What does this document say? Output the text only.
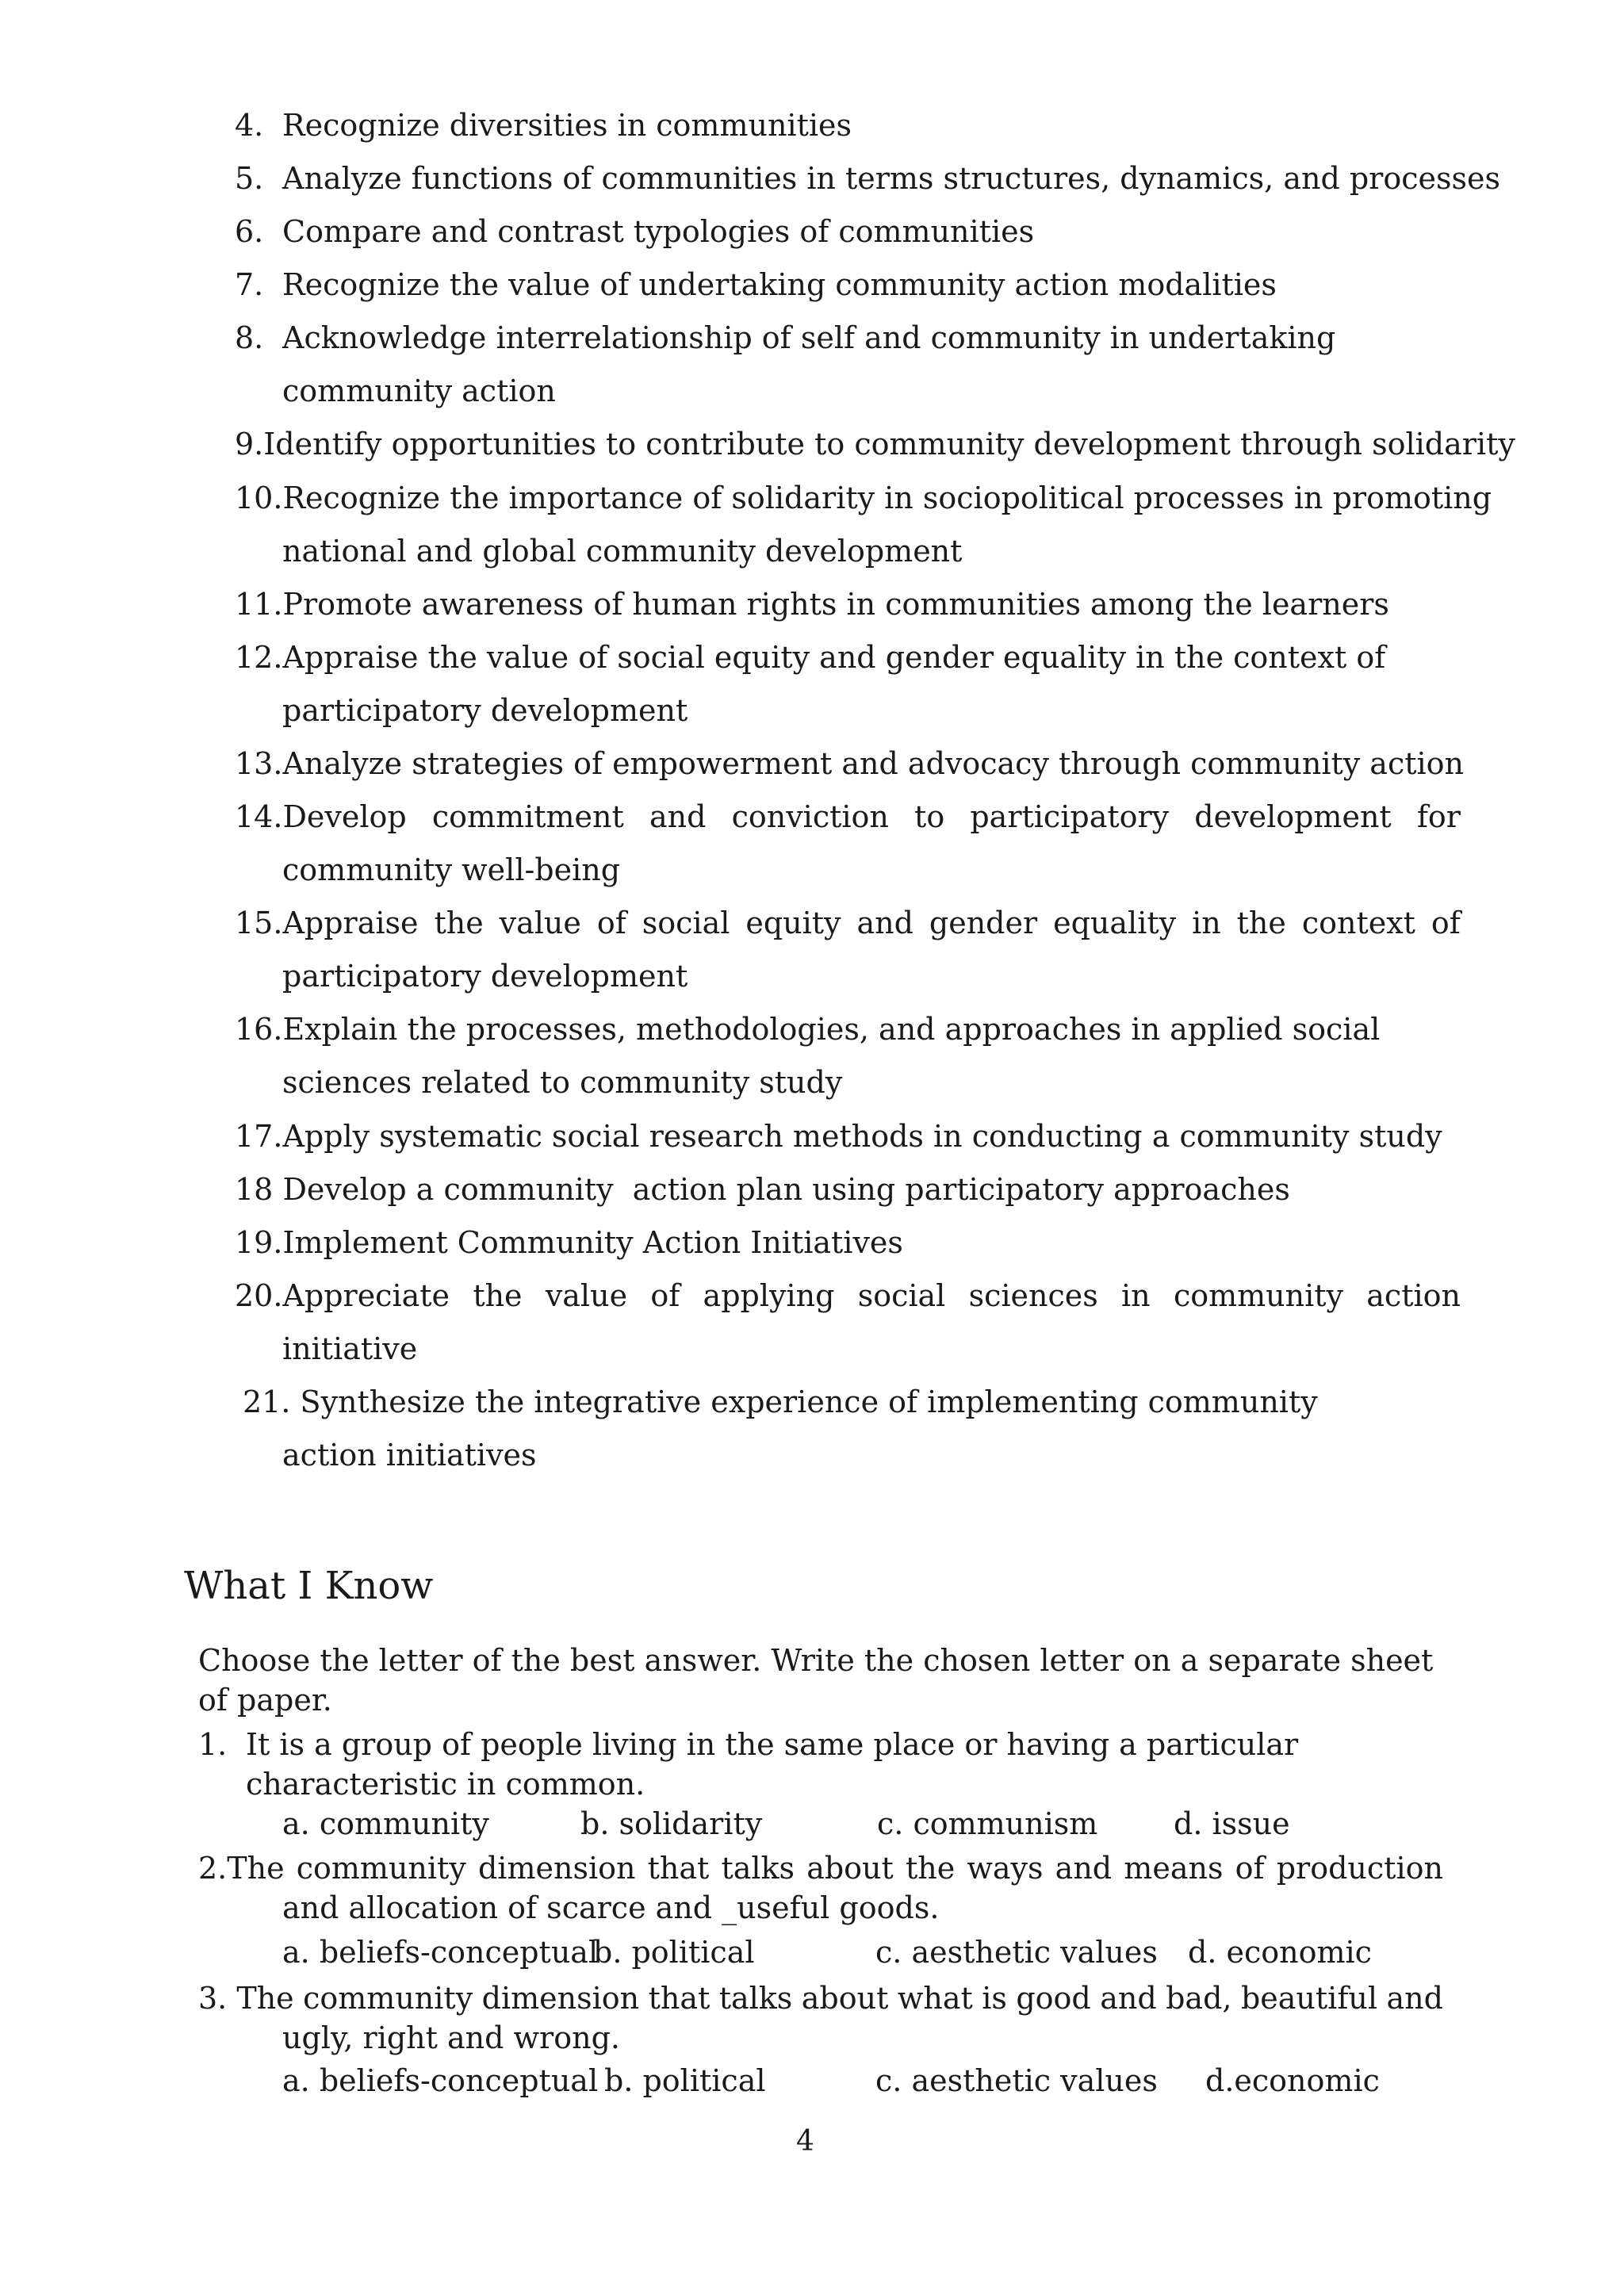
4. Recognize diversities in communities
5. Analyze functions of communities in terms structures, dynamics, and processes
6. Compare and contrast typologies of communities
7. Recognize the value of undertaking community action modalities
8. Acknowledge interrelationship of self and community in undertaking
community action
9.Identify opportunities to contribute to community development through solidarity
10.Recognize the importance of solidarity in sociopolitical processes in promoting
national and global community development
11.Promote awareness of human rights in communities among the learners
12.Appraise the value of social equity and gender equality in the context of
participatory development
13.Analyze strategies of empowerment and advocacy through community action
14.Develop commitment and conviction to participatory development for
community well-being
15.Appraise the value of social equity and gender equality in the context of
participatory development
16.Explain the processes, methodologies, and approaches in applied social
sciences related to community study
17.Apply systematic social research methods in conducting a community study
18 Develop a community  action plan using participatory approaches
19.Implement Community Action Initiatives
20.Appreciate the value of applying social sciences in community action
initiative
21. Synthesize the integrative experience of implementing community
action initiatives
What I Know
Choose the letter of the best answer. Write the chosen letter on a separate sheet
of paper.
1. It is a group of people living in the same place or having a particular
characteristic in common.
a. community	b. solidarity	c. communism	d. issue
2.The community dimension that talks about the ways and means of production
and allocation of scarce and _useful goods.
a. beliefs-conceptual
b. political	c. aesthetic values d. economic
3. The community dimension that talks about what is good and bad, beautiful and
ugly, right and wrong.
a. beliefs-conceptual b. political	c. aesthetic values d.economic
4
